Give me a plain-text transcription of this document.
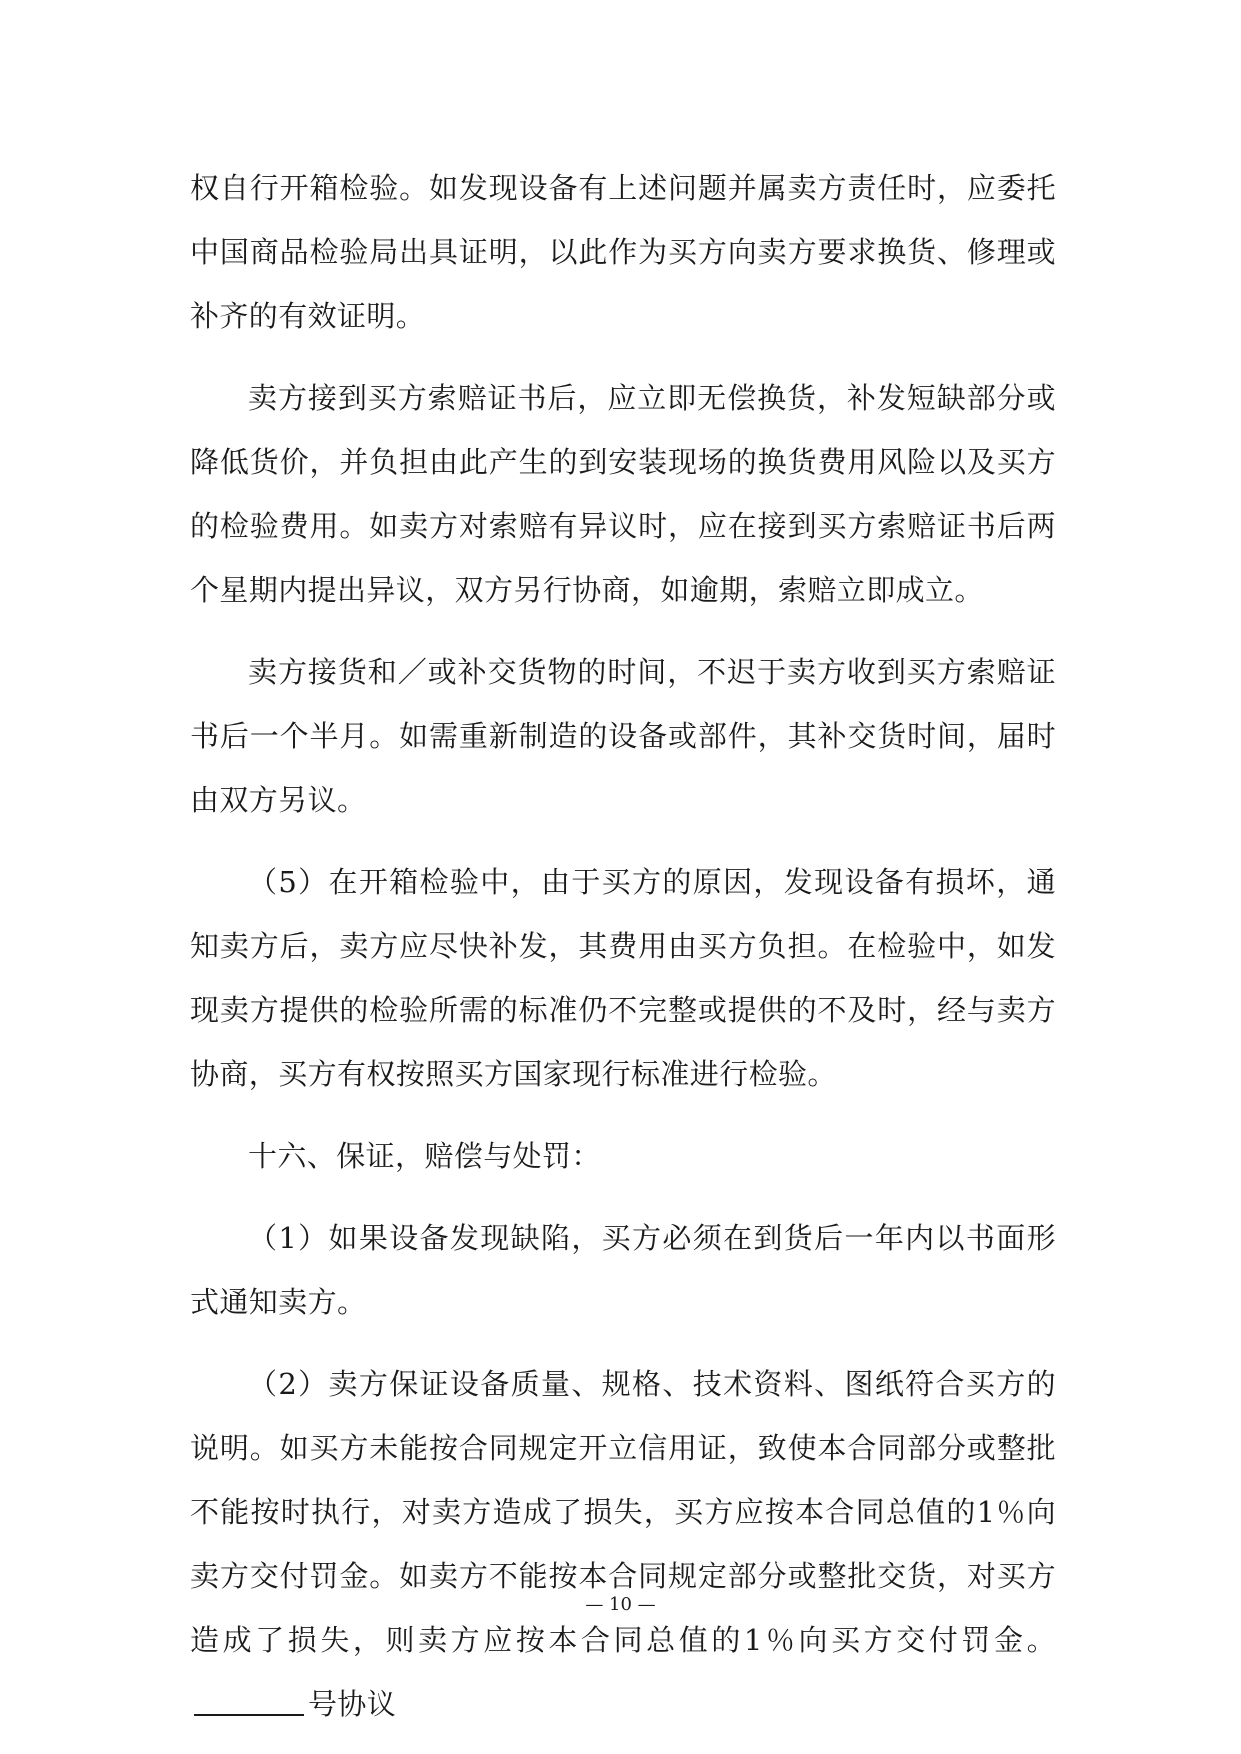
权自行开箱检验。如发现设备有上述问题并属卖方责任时，应委托中国商品检验局出具证明，以此作为买方向卖方要求换货、修理或补齐的有效证明。

卖方接到买方索赔证书后，应立即无偿换货，补发短缺部分或降低货价，并负担由此产生的到安装现场的换货费用风险以及买方的检验费用。如卖方对索赔有异议时，应在接到买方索赔证书后两个星期内提出异议，双方另行协商，如逾期，索赔立即成立。

卖方接货和／或补交货物的时间，不迟于卖方收到买方索赔证书后一个半月。如需重新制造的设备或部件，其补交货时间，届时由双方另议。

（5）在开箱检验中，由于买方的原因，发现设备有损坏，通知卖方后，卖方应尽快补发，其费用由买方负担。在检验中，如发现卖方提供的检验所需的标准仍不完整或提供的不及时，经与卖方协商，买方有权按照买方国家现行标准进行检验。

十六、保证，赔偿与处罚：

（1）如果设备发现缺陷，买方必须在到货后一年内以书面形式通知卖方。

（2）卖方保证设备质量、规格、技术资料、图纸符合买方的说明。如买方未能按合同规定开立信用证，致使本合同部分或整批不能按时执行，对卖方造成了损失，买方应按本合同总值的1％向卖方交付罚金。如卖方不能按本合同规定部分或整批交货，对买方造成了损失，则卖方应按本合同总值的1％向买方交付罚金。号协议

— 10 —
